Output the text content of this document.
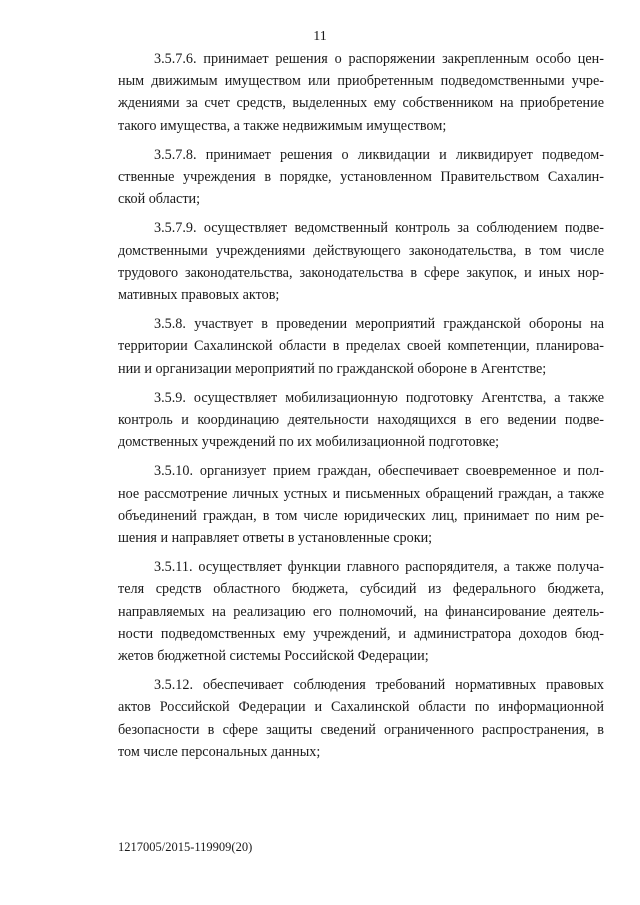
11

3.5.7.6. принимает решения о распоряжении закрепленным особо цен-
ным движимым имуществом или приобретенным подведомственными учре-
ждениями за счет средств, выделенных ему собственником на приобретение
такого имущества, а также недвижимым имуществом;

3.5.7.8. принимает решения о ликвидации и ликвидирует подведом-
ственные учреждения в порядке, установленном Правительством Сахалин-
ской области;

3.5.7.9. осуществляет ведомственный контроль за соблюдением подве-
домственными учреждениями действующего законодательства, в том числе
трудового законодательства, законодательства в сфере закупок, и иных нор-
мативных правовых актов;

3.5.8. участвует в проведении мероприятий гражданской обороны на
территории Сахалинской области в пределах своей компетенции, планирова-
нии и организации мероприятий по гражданской обороне в Агентстве;

3.5.9. осуществляет мобилизационную подготовку Агентства, а также
контроль и координацию деятельности находящихся в его ведении подве-
домственных учреждений по их мобилизационной подготовке;

3.5.10. организует прием граждан, обеспечивает своевременное и пол-
ное рассмотрение личных устных и письменных обращений граждан, а также
объединений граждан, в том числе юридических лиц, принимает по ним ре-
шения и направляет ответы в установленные сроки;

3.5.11. осуществляет функции главного распорядителя, а также получа-
теля средств областного бюджета, субсидий из федерального бюджета,
направляемых на реализацию его полномочий, на финансирование деятель-
ности подведомственных ему учреждений, и администратора доходов бюд-
жетов бюджетной системы Российской Федерации;

3.5.12. обеспечивает соблюдения требований нормативных правовых
актов Российской Федерации и Сахалинской области по информационной
безопасности в сфере защиты сведений ограниченного распространения, в
том числе персональных данных;

1217005/2015-119909(20)
